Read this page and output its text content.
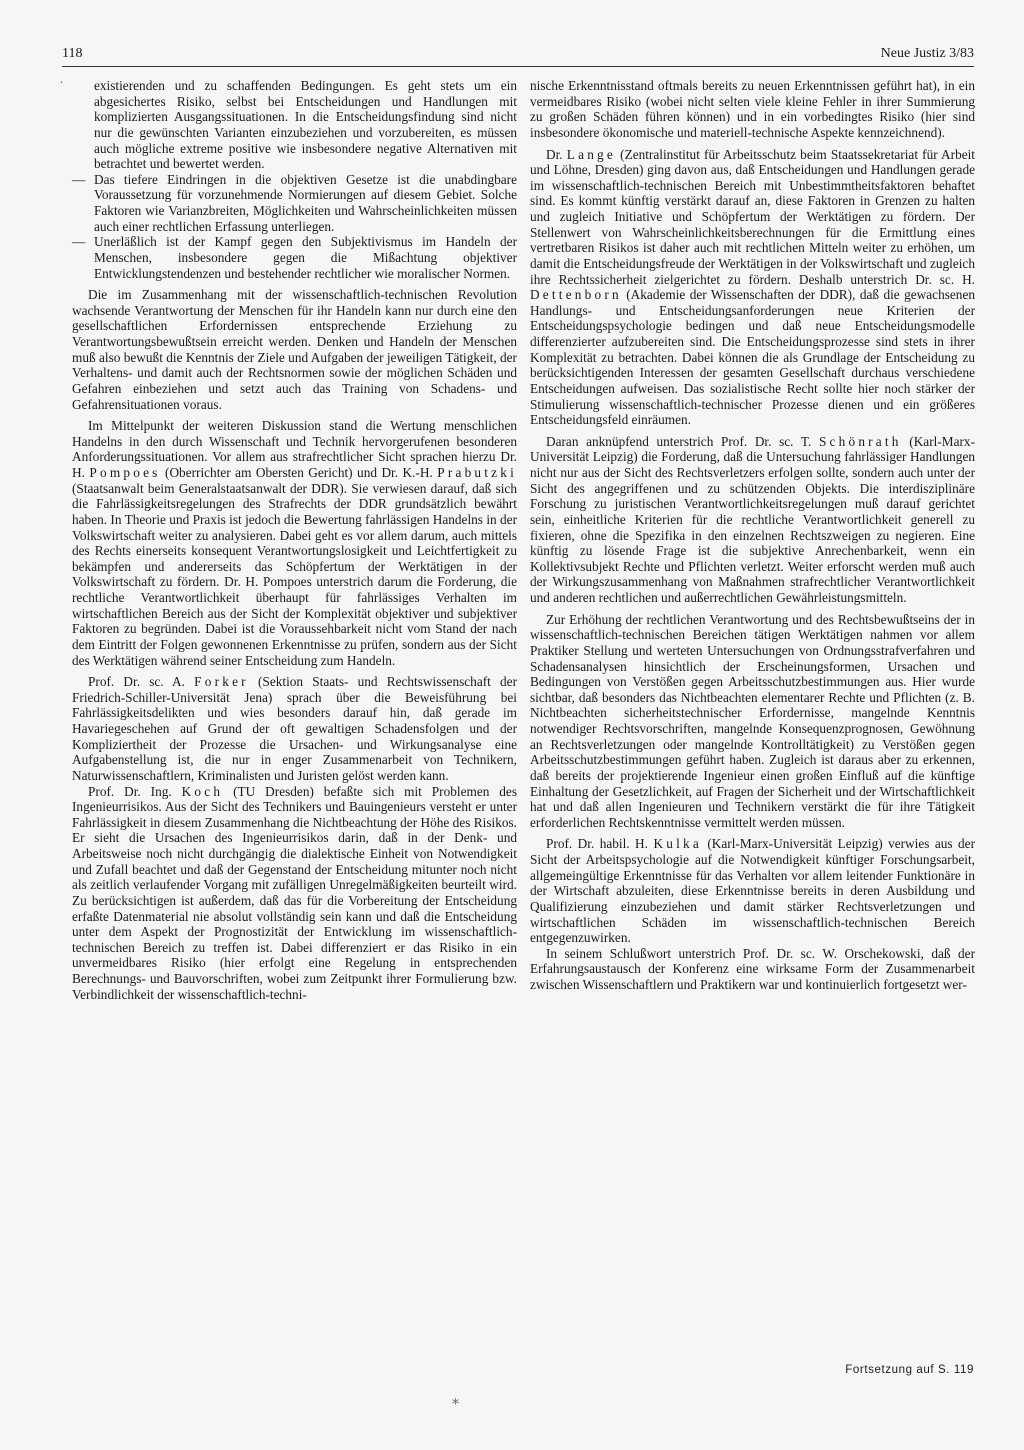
118	Neue Justiz 3/83
existierenden und zu schaffenden Bedingungen. Es geht stets um ein abgesichertes Risiko, selbst bei Entscheidungen und Handlungen mit komplizierten Ausgangssituationen. In die Entscheidungsfindung sind nicht nur die gewünschten Varianten einzubeziehen und vorzubereiten, es müssen auch mögliche extreme positive wie insbesondere negative Alternativen mit betrachtet und bewertet werden.
— Das tiefere Eindringen in die objektiven Gesetze ist die unabdingbare Voraussetzung für vorzunehmende Normierungen auf diesem Gebiet. Solche Faktoren wie Varianzbreiten, Möglichkeiten und Wahrscheinlichkeiten müssen auch einer rechtlichen Erfassung unterliegen.
— Unerläßlich ist der Kampf gegen den Subjektivismus im Handeln der Menschen, insbesondere gegen die Mißachtung objektiver Entwicklungstendenzen und bestehender rechtlicher wie moralischer Normen.

Die im Zusammenhang mit der wissenschaftlich-technischen Revolution wachsende Verantwortung der Menschen für ihr Handeln kann nur durch eine den gesellschaftlichen Erfordernissen entsprechende Erziehung zu Verantwortungsbewußtsein erreicht werden. Denken und Handeln der Menschen muß also bewußt die Kenntnis der Ziele und Aufgaben der jeweiligen Tätigkeit, der Verhaltens- und damit auch der Rechtsnormen sowie der möglichen Schäden und Gefahren einbeziehen und setzt auch das Training von Schadens- und Gefahrensituationen voraus.

Im Mittelpunkt der weiteren Diskussion stand die Wertung menschlichen Handelns in den durch Wissenschaft und Technik hervorgerufenen besonderen Anforderungssituationen. Vor allem aus strafrechtlicher Sicht sprachen hierzu Dr. H. Pompoes (Oberrichter am Obersten Gericht) und Dr. K.-H. Prabutzki (Staatsanwalt beim Generalstaatsanwalt der DDR). Sie verwiesen darauf, daß sich die Fahrlässigkeitsregelungen des Strafrechts der DDR grundsätzlich bewährt haben. In Theorie und Praxis ist jedoch die Bewertung fahrlässigen Handelns in der Volkswirtschaft weiter zu analysieren. Dabei geht es vor allem darum, auch mittels des Rechts einerseits konsequent Verantwortungslosigkeit und Leichtfertigkeit zu bekämpfen und andererseits das Schöpfertum der Werktätigen in der Volkswirtschaft zu fördern. Dr. H. Pompoes unterstrich darum die Forderung, die rechtliche Verantwortlichkeit überhaupt für fahrlässiges Verhalten im wirtschaftlichen Bereich aus der Sicht der Komplexität objektiver und subjektiver Faktoren zu begründen. Dabei ist die Voraussehbarkeit nicht vom Stand der nach dem Eintritt der Folgen gewonnenen Erkenntnisse zu prüfen, sondern aus der Sicht des Werktätigen während seiner Entscheidung zum Handeln.

Prof. Dr. sc. A. Forker (Sektion Staats- und Rechtswissenschaft der Friedrich-Schiller-Universität Jena) sprach über die Beweisführung bei Fahrlässigkeitsdelikten und wies besonders darauf hin, daß gerade im Havariegeschehen auf Grund der oft gewaltigen Schadensfolgen und der Kompliziertheit der Prozesse die Ursachen- und Wirkungsanalyse eine Aufgabenstellung ist, die nur in enger Zusammenarbeit von Technikern, Naturwissenschaftlern, Kriminalisten und Juristen gelöst werden kann.

Prof. Dr. Ing. Koch (TU Dresden) befaßte sich mit Problemen des Ingenieurrisikos. Aus der Sicht des Technikers und Bauingenieurs versteht er unter Fahrlässigkeit in diesem Zusammenhang die Nichtbeachtung der Höhe des Risikos. Er sieht die Ursachen des Ingenieurrisikos darin, daß in der Denk- und Arbeitsweise noch nicht durchgängig die dialektische Einheit von Notwendigkeit und Zufall beachtet und daß der Gegenstand der Entscheidung mitunter noch nicht als zeitlich verlaufender Vorgang mit zufälligen Unregelmäßigkeiten beurteilt wird. Zu berücksichtigen ist außerdem, daß das für die Vorbereitung der Entscheidung erfaßte Datenmaterial nie absolut vollständig sein kann und daß die Entscheidung unter dem Aspekt der Prognostizität der Entwicklung im wissenschaftlich-technischen Bereich zu treffen ist. Dabei differenziert er das Risiko in ein unvermeidbares Risiko (hier erfolgt eine Regelung in entsprechenden Berechnungs- und Bauvorschriften, wobei zum Zeitpunkt ihrer Formulierung bzw. Verbindlichkeit der wissenschaftlich-techni-

nische Erkenntnisstand oftmals bereits zu neuen Erkenntnissen geführt hat), in ein vermeidbares Risiko (wobei nicht selten viele kleine Fehler in ihrer Summierung zu großen Schäden führen können) und in ein vorbedingtes Risiko (hier sind insbesondere ökonomische und materiell-technische Aspekte kennzeichnend).

Dr. Lange (Zentralinstitut für Arbeitsschutz beim Staatssekretariat für Arbeit und Löhne, Dresden) ging davon aus, daß Entscheidungen und Handlungen gerade im wissenschaftlich-technischen Bereich mit Unbestimmtheitsfaktoren behaftet sind. Es kommt künftig verstärkt darauf an, diese Faktoren in Grenzen zu halten und zugleich Initiative und Schöpfertum der Werktätigen zu fördern. Der Stellenwert von Wahrscheinlichkeitsberechnungen für die Ermittlung eines vertretbaren Risikos ist daher auch mit rechtlichen Mitteln weiter zu erhöhen, um damit die Entscheidungsfreude der Werktätigen in der Volkswirtschaft und zugleich ihre Rechtssicherheit zielgerichtet zu fördern. Deshalb unterstrich Dr. sc. H. Dettenborn (Akademie der Wissenschaften der DDR), daß die gewachsenen Handlungs- und Entscheidungsanforderungen neue Kriterien der Entscheidungspsychologie bedingen und daß neue Entscheidungsmodelle differenzierter aufzubereiten sind. Die Entscheidungsprozesse sind stets in ihrer Komplexität zu betrachten. Dabei können die als Grundlage der Entscheidung zu berücksichtigenden Interessen der gesamten Gesellschaft durchaus verschiedene Entscheidungen aufweisen. Das sozialistische Recht sollte hier noch stärker der Stimulierung wissenschaftlich-technischer Prozesse dienen und ein größeres Entscheidungsfeld einräumen.

Daran anknüpfend unterstrich Prof. Dr. sc. T. Schönrath (Karl-Marx-Universität Leipzig) die Forderung, daß die Untersuchung fahrlässiger Handlungen nicht nur aus der Sicht des Rechtsverletzers erfolgen sollte, sondern auch unter der Sicht des angegriffenen und zu schützenden Objekts. Die interdisziplinäre Forschung zu juristischen Verantwortlichkeitsregelungen muß darauf gerichtet sein, einheitliche Kriterien für die rechtliche Verantwortlichkeit generell zu fixieren, ohne die Spezifika in den einzelnen Rechtszweigen zu negieren. Eine künftig zu lösende Frage ist die subjektive Anrechenbarkeit, wenn ein Kollektivsubjekt Rechte und Pflichten verletzt. Weiter erforscht werden muß auch der Wirkungszusammenhang von Maßnahmen strafrechtlicher Verantwortlichkeit und anderen rechtlichen und außerrechtlichen Gewährleistungsmitteln.

Zur Erhöhung der rechtlichen Verantwortung und des Rechtsbewußtseins der in wissenschaftlich-technischen Bereichen tätigen Werktätigen nahmen vor allem Praktiker Stellung und werteten Untersuchungen von Ordnungsstrafverfahren und Schadensanalysen hinsichtlich der Erscheinungsformen, Ursachen und Bedingungen von Verstößen gegen Arbeitsschutzbestimmungen aus. Hier wurde sichtbar, daß besonders das Nichtbeachten elementarer Rechte und Pflichten (z. B. Nichtbeachten sicherheitstechnischer Erfordernisse, mangelnde Kenntnis notwendiger Rechtsvorschriften, mangelnde Konsequenzprognosen, Gewöhnung an Rechtsverletzungen oder mangelnde Kontrolltätigkeit) zu Verstößen gegen Arbeitsschutzbestimmungen geführt haben. Zugleich ist daraus aber zu erkennen, daß bereits der projektierende Ingenieur einen großen Einfluß auf die künftige Einhaltung der Gesetzlichkeit, auf Fragen der Sicherheit und der Wirtschaftlichkeit hat und daß allen Ingenieuren und Technikern verstärkt die für ihre Tätigkeit erforderlichen Rechtskenntnisse vermittelt werden müssen.

Prof. Dr. habil. H. Kulka (Karl-Marx-Universität Leipzig) verwies aus der Sicht der Arbeitspsychologie auf die Notwendigkeit künftiger Forschungsarbeit, allgemeingültige Erkenntnisse für das Verhalten vor allem leitender Funktionäre in der Wirtschaft abzuleiten, diese Erkenntnisse bereits in deren Ausbildung und Qualifizierung einzubeziehen und damit stärker Rechtsverletzungen und wirtschaftlichen Schäden im wissenschaftlich-technischen Bereich entgegenzuwirken.

In seinem Schlußwort unterstrich Prof. Dr. sc. W. Orschekowski, daß der Erfahrungsaustausch der Konferenz eine wirksame Form der Zusammenarbeit zwischen Wissenschaftlern und Praktikern war und kontinuierlich fortgesetzt wer-

Fortsetzung auf S. 119
˙
⁎
